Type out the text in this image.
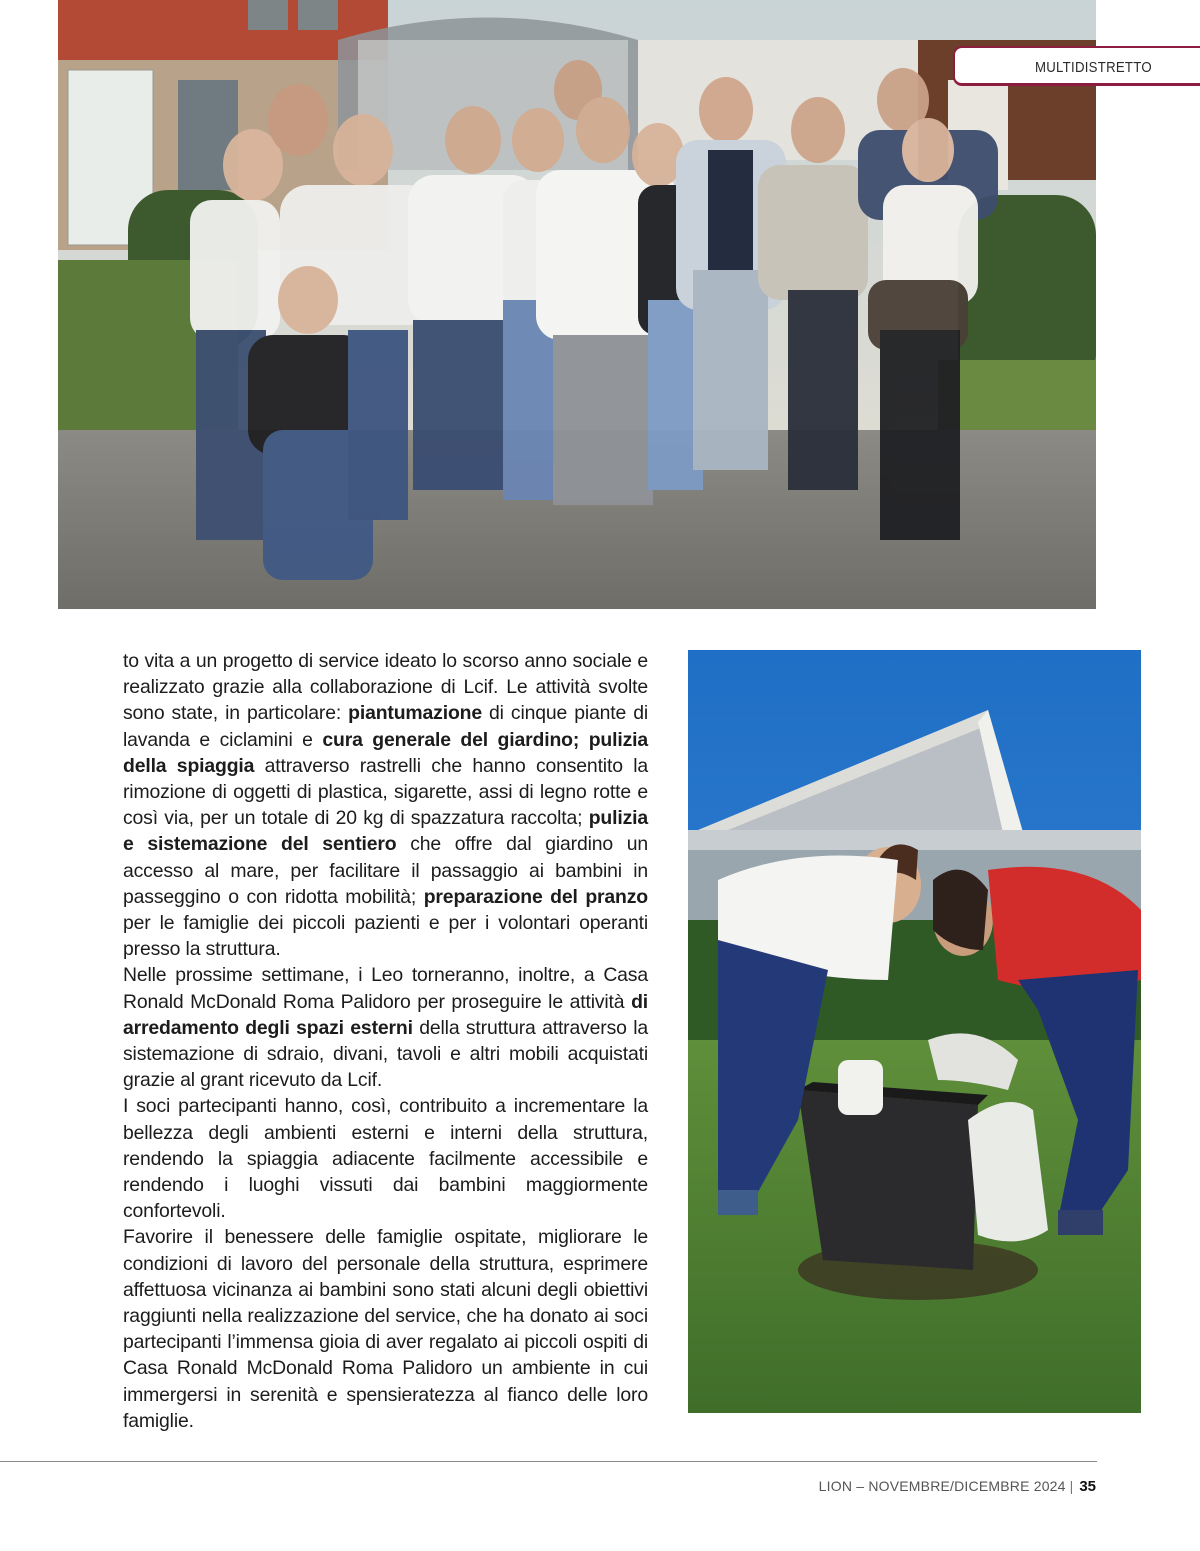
MULTIDISTRETTO

to vita a un progetto di service ideato lo scorso anno sociale e realizzato grazie alla collaborazione di Lcif. Le attività svolte sono state, in particolare: piantumazione di cinque piante di lavanda e ciclamini e cura generale del giardino; pulizia della spiaggia attraverso rastrelli che hanno consentito la rimozione di oggetti di plastica, sigarette, assi di legno rotte e così via, per un totale di 20 kg di spazzatura raccolta; pulizia e sistemazione del sentiero che offre dal giardino un accesso al mare, per facilitare il passaggio ai bambini in passeggino o con ridotta mobilità; preparazione del pranzo per le famiglie dei piccoli pazienti e per i volontari operanti presso la struttura.

Nelle prossime settimane, i Leo torneranno, inoltre, a Casa Ronald McDonald Roma Palidoro per proseguire le attività di arredamento degli spazi esterni della struttura attraverso la sistemazione di sdraio, divani, tavoli e altri mobili acquistati grazie al grant ricevuto da Lcif.

I soci partecipanti hanno, così, contribuito a incrementare la bellezza degli ambienti esterni e interni della struttura, rendendo la spiaggia adiacente facilmente accessibile e rendendo i luoghi vissuti dai bambini maggiormente confortevoli.

Favorire il benessere delle famiglie ospitate, migliorare le condizioni di lavoro del personale della struttura, esprimere affettuosa vicinanza ai bambini sono stati alcuni degli obiettivi raggiunti nella realizzazione del service, che ha donato ai soci partecipanti l’immensa gioia di aver regalato ai piccoli ospiti di Casa Ronald McDonald Roma Palidoro un ambiente in cui immergersi in serenità e spensieratezza al fianco delle loro famiglie.

LION – NOVEMBRE/DICEMBRE 2024 | 35
